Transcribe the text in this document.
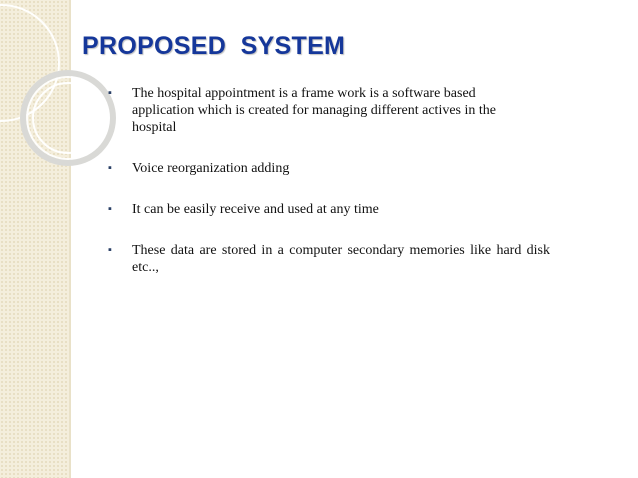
PROPOSED  SYSTEM
▪ The hospital appointment is a frame work is a software based application which is created for managing different actives in the hospital
▪ Voice reorganization adding
▪ It can be easily receive and used at any time
▪ These data are stored in a computer secondary memories like hard disk etc..,
